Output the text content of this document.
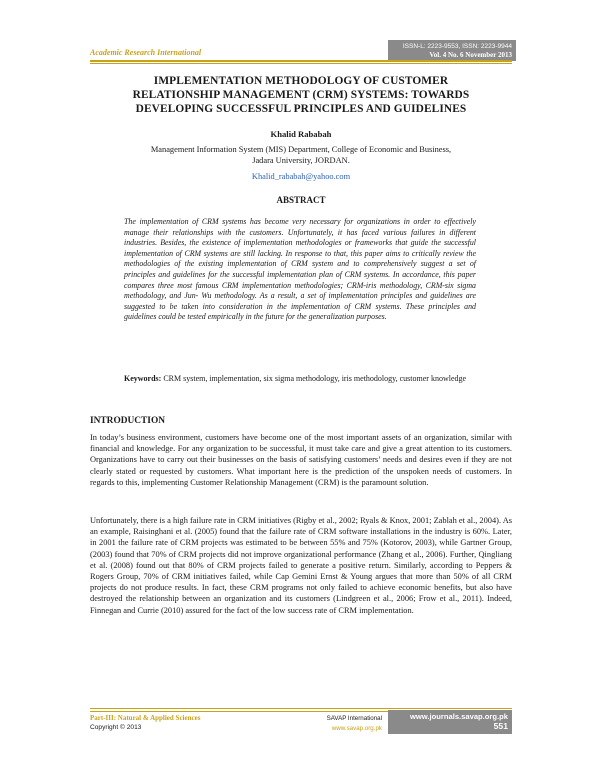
Academic Research International
ISSN-L: 2223-9553, ISSN: 2223-9944
Vol. 4 No. 6 November 2013
IMPLEMENTATION METHODOLOGY OF CUSTOMER
RELATIONSHIP MANAGEMENT (CRM) SYSTEMS: TOWARDS
DEVELOPING SUCCESSFUL PRINCIPLES AND GUIDELINES
Khalid Rababah
Management Information System (MIS) Department, College of Economic and Business,
Jadara University, JORDAN.
Khalid_rababah@yahoo.com
ABSTRACT
The implementation of CRM systems has become very necessary for organizations in order to effectively manage their relationships with the customers. Unfortunately, it has faced various failures in different industries. Besides, the existence of implementation methodologies or frameworks that guide the successful implementation of CRM systems are still lacking. In response to that, this paper aims to critically review the methodologies of the existing implementation of CRM system and to comprehensively suggest a set of principles and guidelines for the successful implementation plan of CRM systems. In accordance, this paper compares three most famous CRM implementation methodologies; CRM-iris methodology, CRM-six sigma methodology, and Jun- Wu methodology. As a result, a set of implementation principles and guidelines are suggested to be taken into consideration in the implementation of CRM systems. These principles and guidelines could be tested empirically in the future for the generalization purposes.
Keywords: CRM system, implementation, six sigma methodology, iris methodology, customer knowledge
INTRODUCTION
In today’s business environment, customers have become one of the most important assets of an organization, similar with financial and knowledge. For any organization to be successful, it must take care and give a great attention to its customers. Organizations have to carry out their businesses on the basis of satisfying customers’ needs and desires even if they are not clearly stated or requested by customers. What important here is the prediction of the unspoken needs of customers. In regards to this, implementing Customer Relationship Management (CRM) is the paramount solution.
Unfortunately, there is a high failure rate in CRM initiatives (Rigby et al., 2002; Ryals & Knox, 2001; Zablah et al., 2004). As an example, Raisinghani et al. (2005) found that the failure rate of CRM software installations in the industry is 60%. Later, in 2001 the failure rate of CRM projects was estimated to be between 55% and 75% (Kotorov, 2003), while Gartner Group, (2003) found that 70% of CRM projects did not improve organizational performance (Zhang et al., 2006). Further, Qingliang et al. (2008) found out that 80% of CRM projects failed to generate a positive return. Similarly, according to Peppers & Rogers Group, 70% of CRM initiatives failed, while Cap Gemini Ernst & Young argues that more than 50% of all CRM projects do not produce results. In fact, these CRM programs not only failed to achieve economic benefits, but also have destroyed the relationship between an organization and its customers (Lindgreen et al., 2006; Frow et al., 2011). Indeed, Finnegan and Currie (2010) assured for the fact of the low success rate of CRM implementation.
Part-III: Natural & Applied Sciences
Copyright © 2013
SAVAP International
www.savap.org.pk
www.journals.savap.org.pk
551
